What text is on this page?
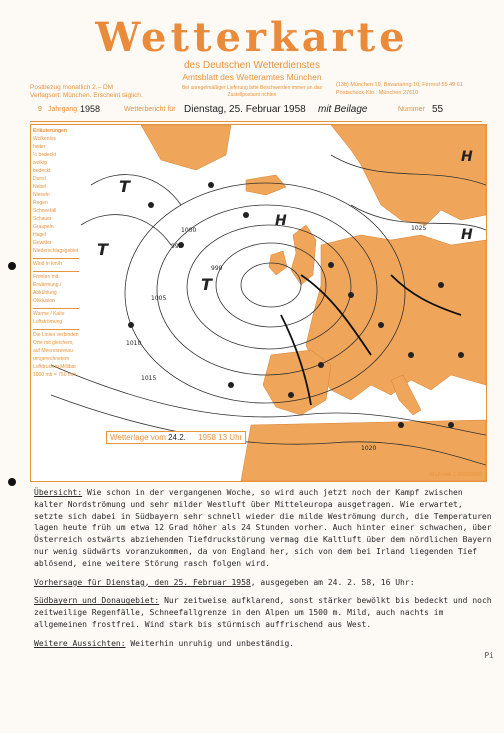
Wetterkarte
des Deutschen Wetterdienstes
Amtsblatt des Wetteramtes München
Bei unregelmäßiger Lieferung bitte Beschwerden immer an das Zustellpostamt richten
Postbezug monatlich 2.– DM
Verlagsort: München. Erscheint täglich.
(13b) München 19, Bavariaring 10, Fernruf 55 49 61
Postscheck-Kto.: München 27610
9 Jahrgang 1958	Wetterbericht für Dienstag, 25. Februar 1958 mit Beilage	Nummer 55
995
1000
990
1005
1010
1015
1020
1025
T
T
H
H
H
T
Erläuterungen
Wolkenlos
heiter
½ bedeckt
wolkig
bedeckt
Dunst
Nebel
Nieseln
Regen
Schneefall
Schauer
Graupeln
Hagel
Gewitter
Niederschlagsgebiet
Wind in km/h
Fronten mit Erwärmung / Abkühlung
Okklusion
Warme / Kalte Luftströmung
Die Linien verbinden Orte mit gleichem, auf Meeresniveau umgerechnetem Luftdruck in Millibar
1000 mb = 750 mm
Wetterlage vom 24.2. 1958 13 Uhr
Maßstab 1:30000000

Übersicht: Wie schon in der vergangenen Woche, so wird auch jetzt noch der Kampf zwischen kalter Nordströmung und sehr milder Westluft über Mitteleuropa ausgetragen. Wie erwartet, setzte sich dabei in Südbayern sehr schnell wieder die milde Weströmung durch, die Temperaturen lagen heute früh um etwa 12 Grad höher als 24 Stunden vorher. Auch hinter einer schwachen, über Österreich ostwärts abziehenden Tiefdruckstörung vermag die Kaltluft über dem nördlichen Bayern nur wenig südwärts voranzukommen, da von England her, sich von dem bei Irland liegenden Tief ablösend, eine weitere Störung rasch folgen wird.

Vorhersage für Dienstag, den 25. Februar 1958, ausgegeben am 24. 2. 58, 16 Uhr:

Südbayern und Donaugebiet: Nur zeitweise aufklarend, sonst stärker bewölkt bis bedeckt und noch zeitweilige Regenfälle, Schneefallgrenze in den Alpen um 1500 m. Mild, auch nachts im allgemeinen frostfrei. Wind stark bis stürmisch auffrischend aus West.

Weitere Aussichten: Weiterhin unruhig und unbeständig.

Pi
